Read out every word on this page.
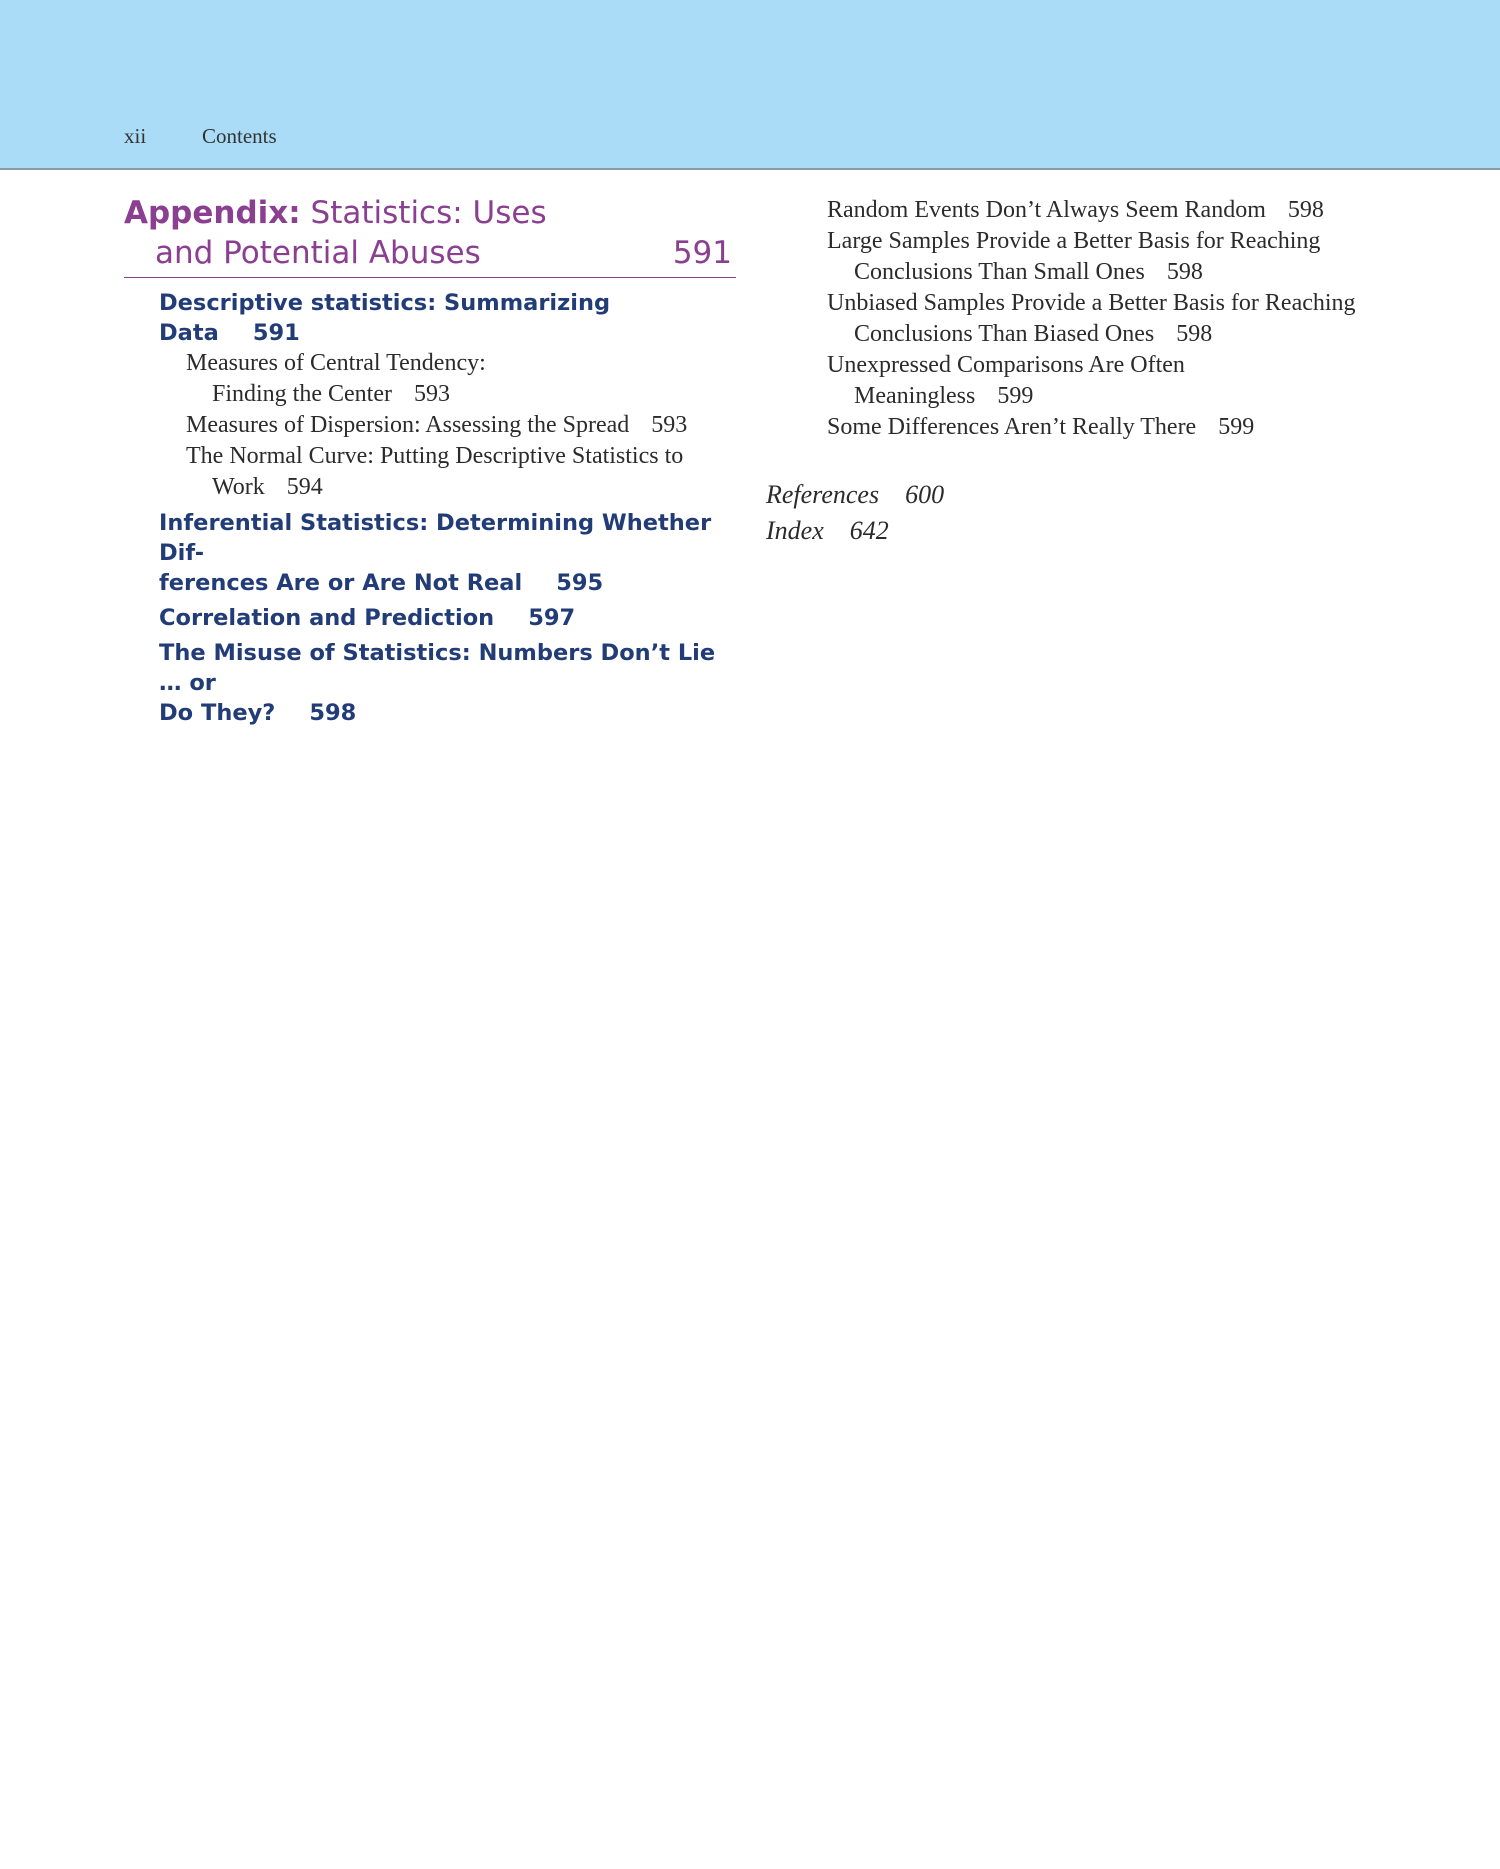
xii	Contents
Appendix: Statistics: Uses
and Potential Abuses	591
Descriptive statistics: Summarizing Data 591
Measures of Central Tendency:
Finding the Center 593
Measures of Dispersion: Assessing the Spread 593
The Normal Curve: Putting Descriptive Statistics to
Work 594
Inferential Statistics: Determining Whether Dif-
ferences Are or Are Not Real 595
Correlation and Prediction 597
The Misuse of Statistics: Numbers Don’t Lie … or
Do They? 598
Random Events Don’t Always Seem Random 598
Large Samples Provide a Better Basis for Reaching
Conclusions Than Small Ones 598
Unbiased Samples Provide a Better Basis for Reaching
Conclusions Than Biased Ones 598
Unexpressed Comparisons Are Often
Meaningless 599
Some Differences Aren’t Really There 599
References 600
Index 642
